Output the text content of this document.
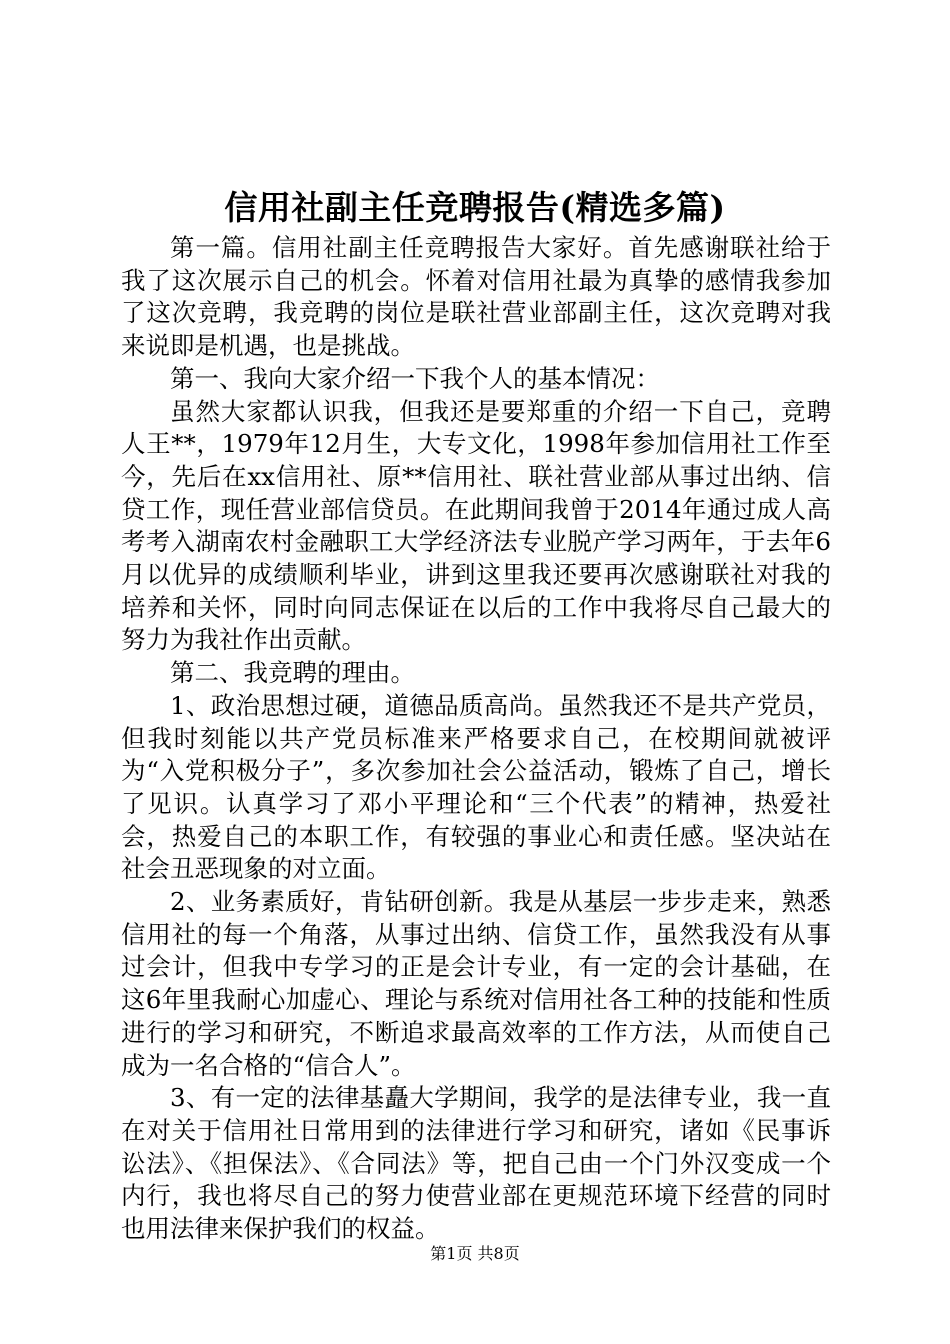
信用社副主任竞聘报告(精选多篇)

第一篇。信用社副主任竞聘报告大家好。首先感谢联社给于我了这次展示自己的机会。怀着对信用社最为真挚的感情我参加了这次竞聘，我竞聘的岗位是联社营业部副主任，这次竞聘对我来说即是机遇，也是挑战。

第一、我向大家介绍一下我个人的基本情况：

虽然大家都认识我，但我还是要郑重的介绍一下自己，竞聘人王**，1979年12月生，大专文化，1998年参加信用社工作至今，先后在xx信用社、原**信用社、联社营业部从事过出纳、信贷工作，现任营业部信贷员。在此期间我曾于2014年通过成人高考考入湖南农村金融职工大学经济法专业脱产学习两年，于去年6月以优异的成绩顺利毕业，讲到这里我还要再次感谢联社对我的培养和关怀，同时向同志保证在以后的工作中我将尽自己最大的努力为我社作出贡献。

第二、我竞聘的理由。

1、政治思想过硬，道德品质高尚。虽然我还不是共产党员，但我时刻能以共产党员标准来严格要求自己，在校期间就被评为“入党积极分子”，多次参加社会公益活动，锻炼了自己，增长了见识。认真学习了邓小平理论和“三个代表”的精神，热爱社会，热爱自己的本职工作，有较强的事业心和责任感。坚决站在社会丑恶现象的对立面。

2、业务素质好，肯钻研创新。我是从基层一步步走来，熟悉信用社的每一个角落，从事过出纳、信贷工作，虽然我没有从事过会计，但我中专学习的正是会计专业，有一定的会计基础，在这6年里我耐心加虚心、理论与系统对信用社各工种的技能和性质进行的学习和研究，不断追求最高效率的工作方法，从而使自己成为一名合格的“信合人”。

3、有一定的法律基矗大学期间，我学的是法律专业，我一直在对关于信用社日常用到的法律进行学习和研究，诸如《民事诉讼法》、《担保法》、《合同法》等，把自己由一个门外汉变成一个内行，我也将尽自己的努力使营业部在更规范环境下经营的同时也用法律来保护我们的权益。

第1页 共8页
